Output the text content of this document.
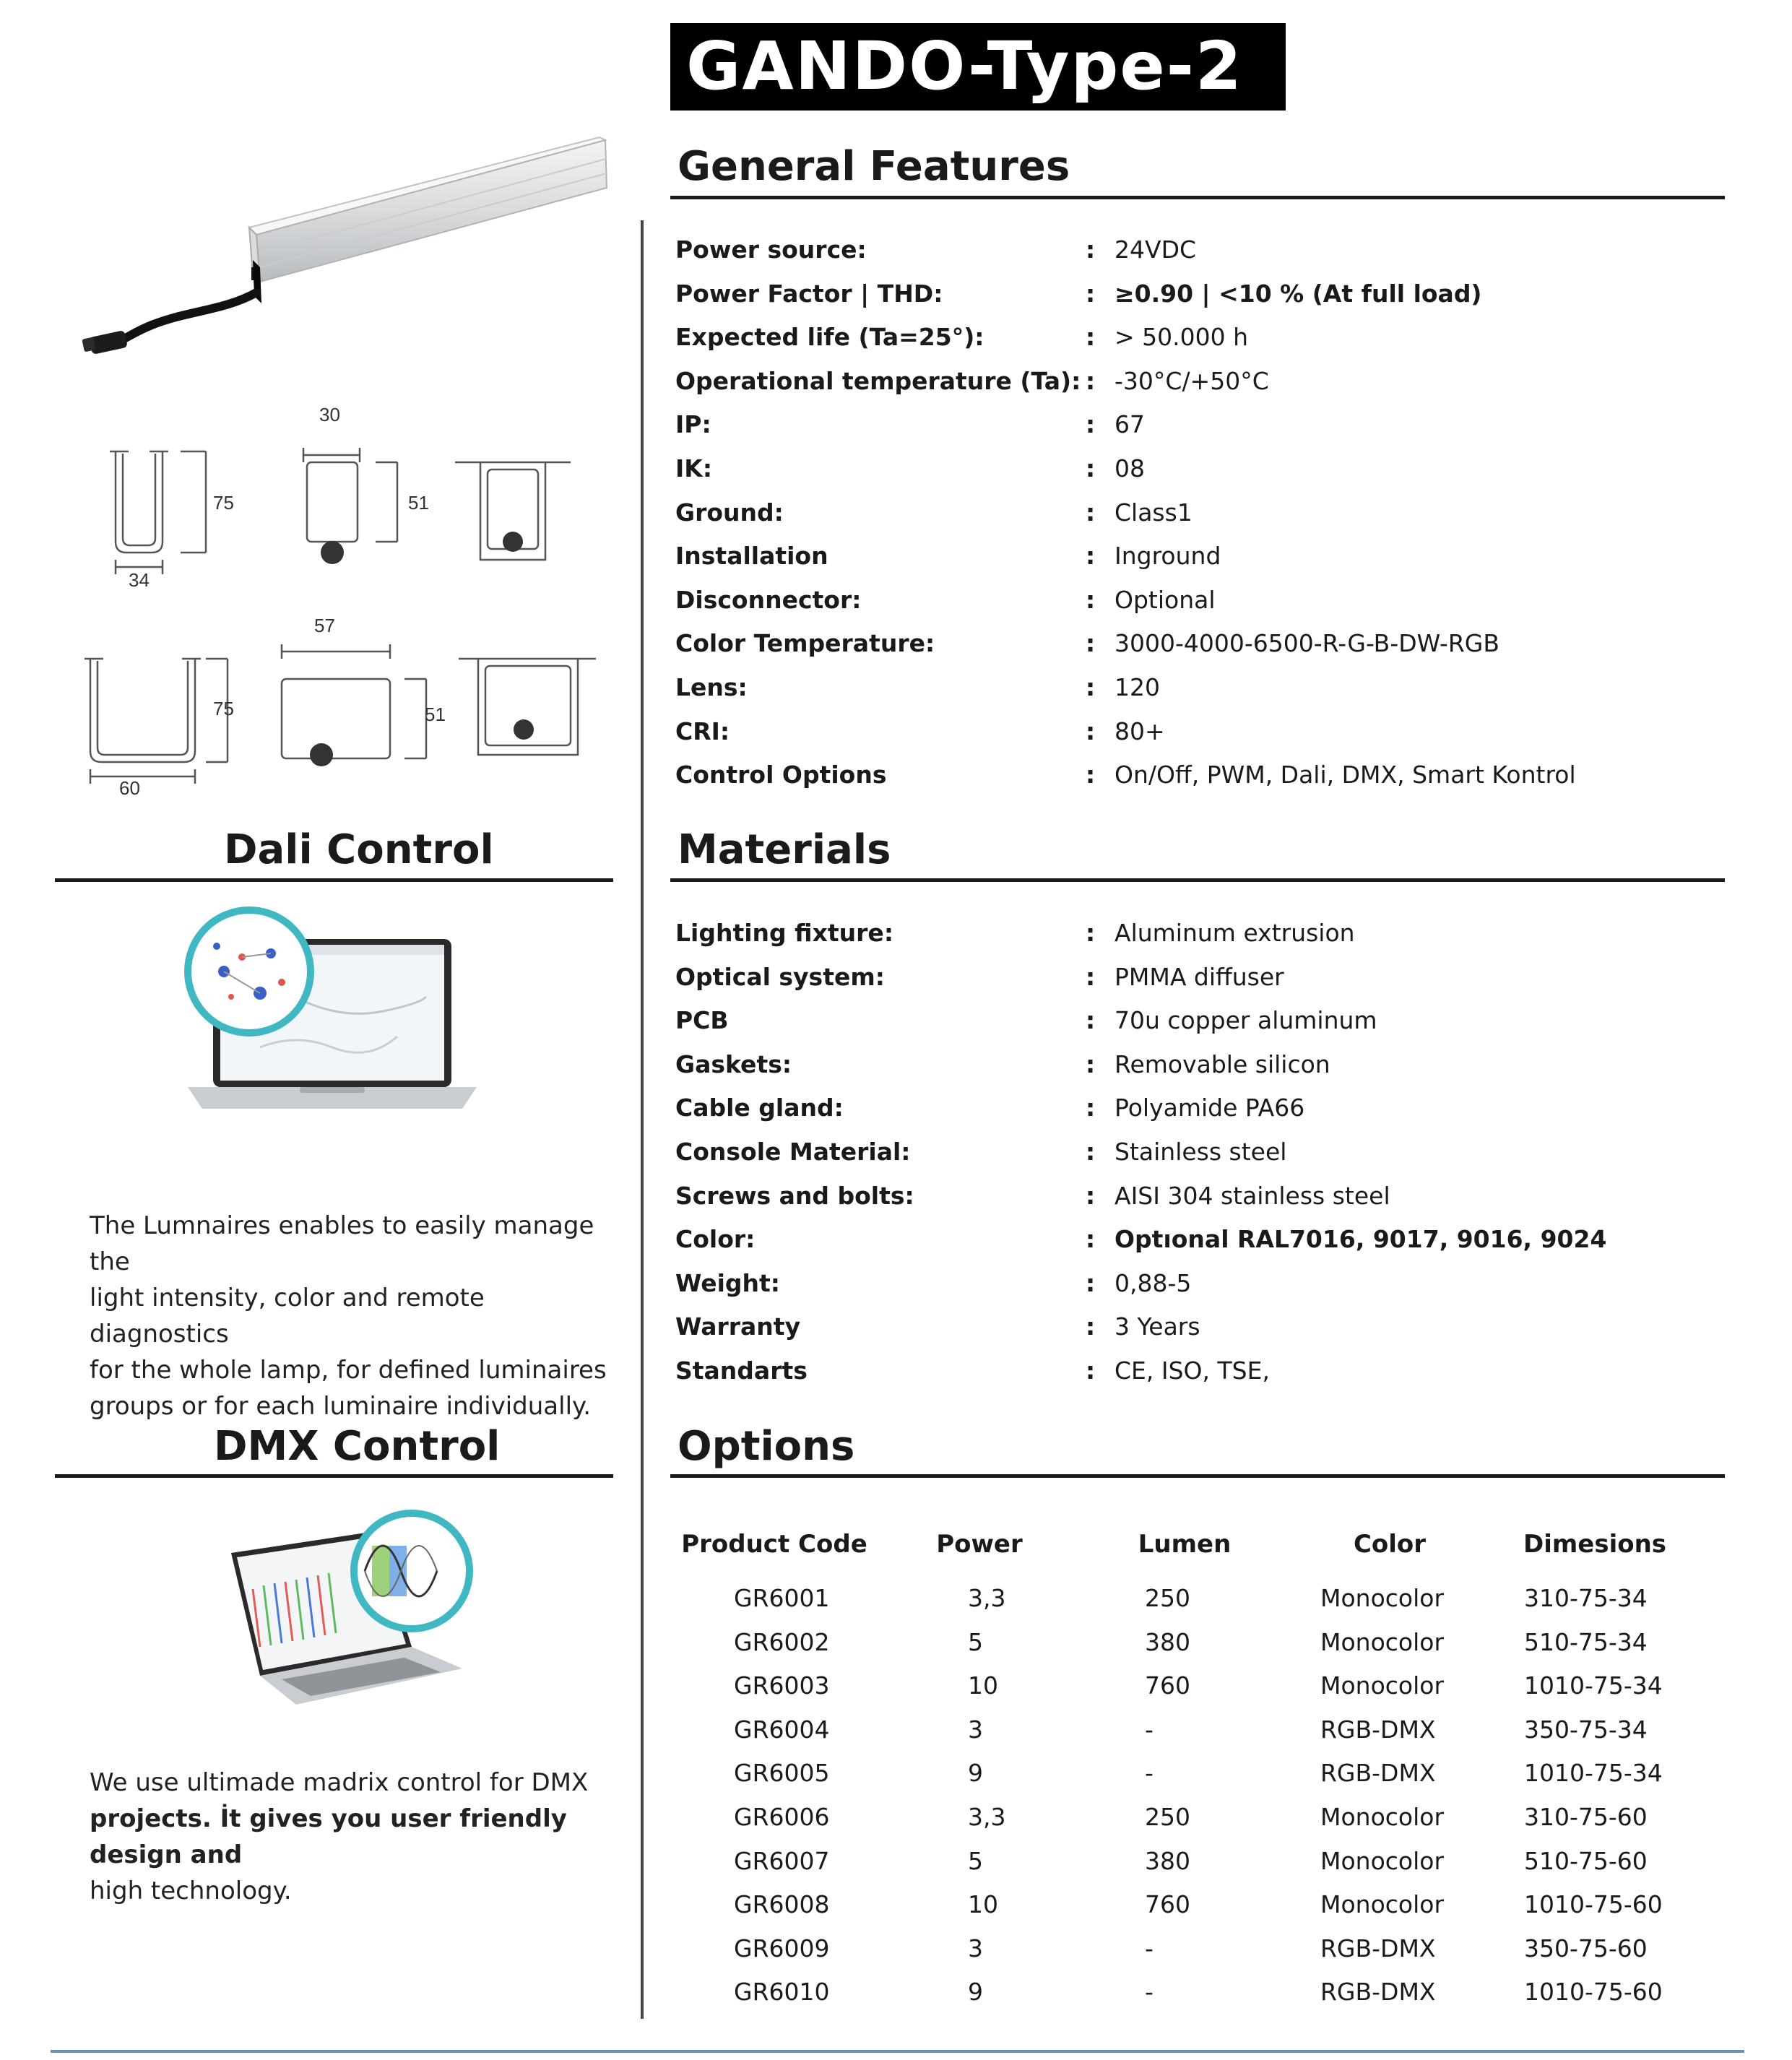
GANDO-Type-2
75
34
30
51
75
60
57
51
General Features
Power source:	: 24VDC
Power Factor | THD:	: ≥0.90 | <10 % (At full load)
Expected life (Ta=25°):	: > 50.000 h
Operational temperature (Ta): : -30°C/+50°C
IP:	: 67
IK:	: 08
Ground:	: Class1
Installation	: Inground
Disconnector:	: Optional
Color Temperature:	: 3000-4000-6500-R-G-B-DW-RGB
Lens:	: 120
CRI:	: 80+
Control Options	: On/Off, PWM, Dali, DMX, Smart Kontrol
Materials
Lighting fixture:	: Aluminum extrusion
Optical system:	: PMMA diffuser
PCB	: 70u copper aluminum
Gaskets:	: Removable silicon
Cable gland:	: Polyamide PA66
Console Material:	: Stainless steel
Screws and bolts:	: AISI 304 stainless steel
Color:	: Optıonal RAL7016, 9017, 9016, 9024
Weight:	: 0,88-5
Warranty	: 3 Years
Standarts	: CE, ISO, TSE,
Options
Product Code	Power	Lumen	Color	Dimesions
GR6001	3,3	250	Monocolor	310-75-34
GR6002	5	380	Monocolor	510-75-34
GR6003	10	760	Monocolor	1010-75-34
GR6004	3	-	RGB-DMX	350-75-34
GR6005	9	-	RGB-DMX	1010-75-34
GR6006	3,3	250	Monocolor	310-75-60
GR6007	5	380	Monocolor	510-75-60
GR6008	10	760	Monocolor	1010-75-60
GR6009	3	-	RGB-DMX	350-75-60
GR6010	9	-	RGB-DMX	1010-75-60
Dali Control
The Lumnaires enables to easily manage the
light intensity, color and remote diagnostics
for the whole lamp, for defined luminaires
groups or for each luminaire individually.
DMX Control
We use ultimade madrix control for DMX
projects. İt gives you user friendly design and
high technology.
